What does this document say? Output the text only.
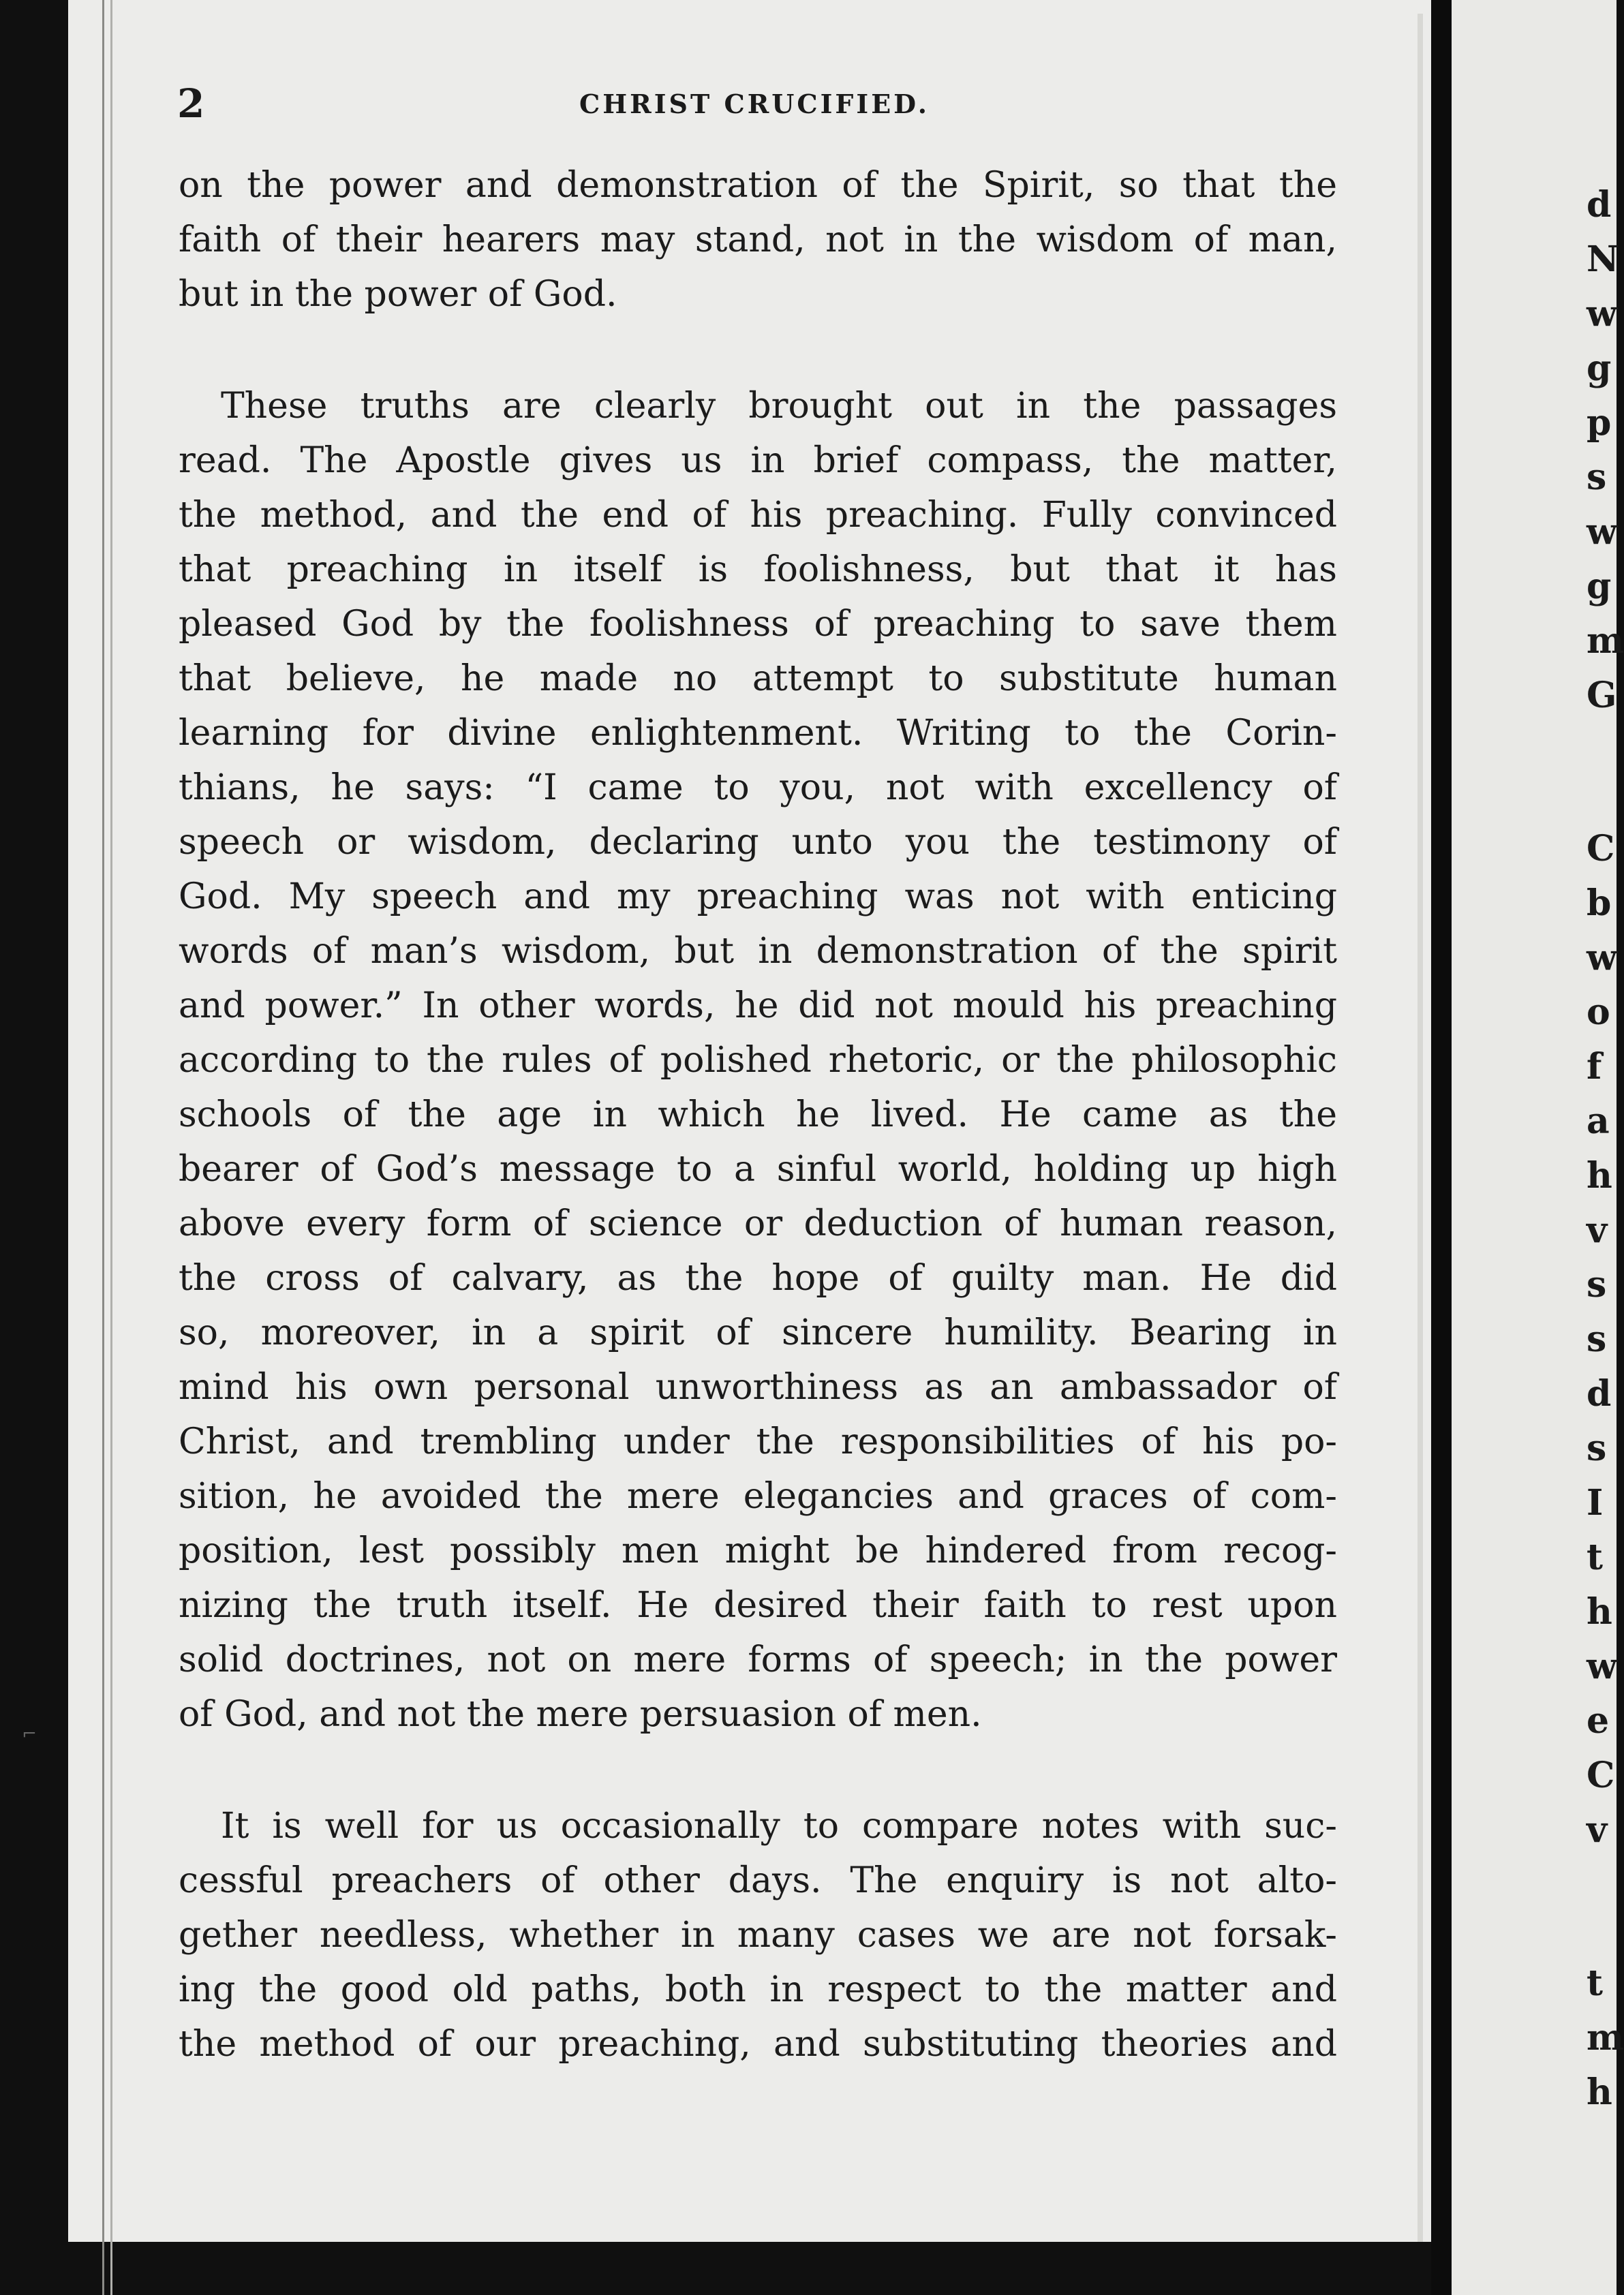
⌐
2	CHRIST CRUCIFIED.
on the power and demonstration of the Spirit, so that the
faith of their hearers may stand, not in the wisdom of man,
but in the power of God.
These truths are clearly brought out in the passages
read. The Apostle gives us in brief compass, the matter,
the method, and the end of his preaching. Fully convinced
that preaching in itself is foolishness, but that it has
pleased God by the foolishness of preaching to save them
that believe, he made no attempt to substitute human
learning for divine enlightenment. Writing to the Corin-
thians, he says: “I came to you, not with excellency of
speech or wisdom, declaring unto you the testimony of
God. My speech and my preaching was not with enticing
words of man’s wisdom, but in demonstration of the spirit
and power.” In other words, he did not mould his preaching
according to the rules of polished rhetoric, or the philosophic
schools of the age in which he lived. He came as the
bearer of God’s message to a sinful world, holding up high
above every form of science or deduction of human reason,
the cross of calvary, as the hope of guilty man. He did
so, moreover, in a spirit of sincere humility. Bearing in
mind his own personal unworthiness as an ambassador of
Christ, and trembling under the responsibilities of his po-
sition, he avoided the mere elegancies and graces of com-
position, lest possibly men might be hindered from recog-
nizing the truth itself. He desired their faith to rest upon
solid doctrines, not on mere forms of speech; in the power
of God, and not the mere persuasion of men.
It is well for us occasionally to compare notes with suc-
cessful preachers of other days. The enquiry is not alto-
gether needless, whether in many cases we are not forsak-
ing the good old paths, both in respect to the matter and
the method of our preaching, and substituting theories and
d
N
w
g
p
s
w
g
m
G
C
b
w
o
f
a
h
v
s
s
d
s
I
t
h
w
e
C
v
t
m
h
